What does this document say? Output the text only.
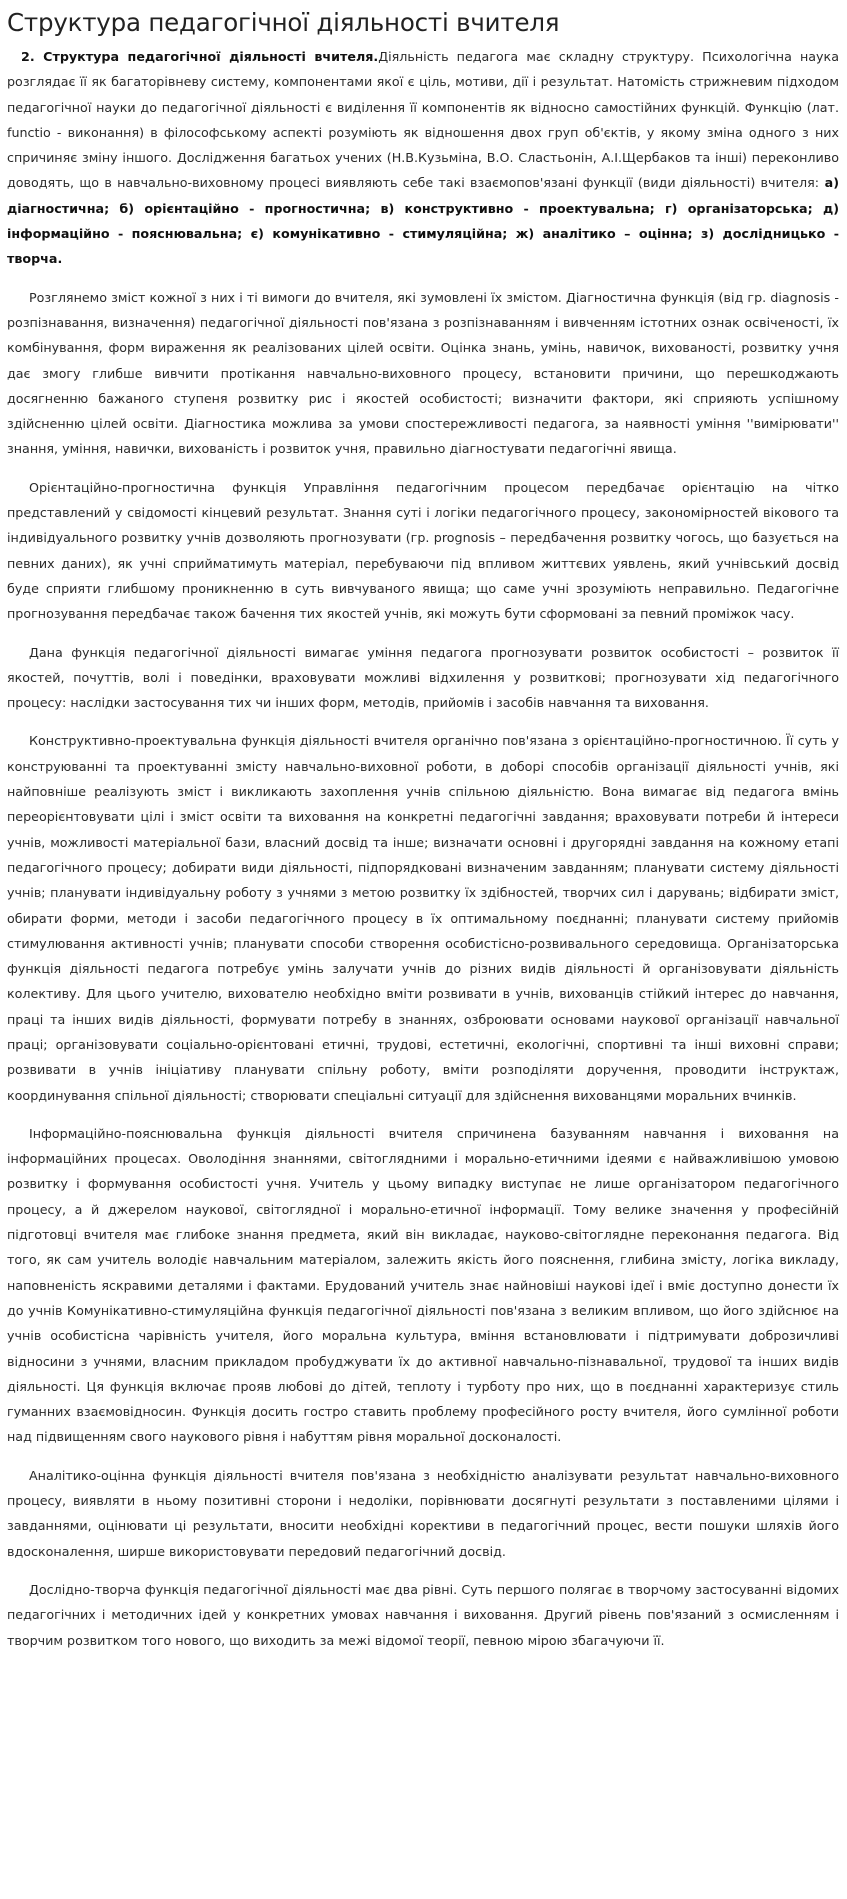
Структура педагогічної діяльності вчителя

2. Структура педагогічної діяльності вчителя.Діяльність педагога має складну структуру. Психологічна наука розглядає її як багаторівневу систему, компонентами якої є ціль, мотиви, дії і результат. Натомість стрижневим підходом педагогічної науки до педагогічної діяльності є виділення її компонентів як відносно самостійних функцій. Функцію (лат. functio - виконання) в філософському аспекті розуміють як відношення двох груп об'єктів, у якому зміна одного з них спричиняє зміну іншого. Дослідження багатьох учених (Н.В.Кузьміна, В.О. Сластьонін, А.І.Щербаков та інші) переконливо доводять, що в навчально-виховному процесі виявляють себе такі взаємопов'язані функції (види діяльності) вчителя: а) діагностична; б) орієнтаційно - прогностична; в) конструктивно - проектувальна; г) організаторська; д) інформаційно - пояснювальна; є) комунікативно - стимуляційна; ж) аналітико – оцінна; з) дослідницько - творча.

Розглянемо зміст кожної з них і ті вимоги до вчителя, які зумовлені їх змістом. Діагностична функція (від гр. diagnosis - розпізнавання, визначення) педагогічної діяльності пов'язана з розпізнаванням і вивченням істотних ознак освіченості, їх комбінування, форм вираження як реалізованих цілей освіти. Оцінка знань, умінь, навичок, вихованості, розвитку учня дає змогу глибше вивчити протікання навчально-виховного процесу, встановити причини, що перешкоджають досягненню бажаного ступеня розвитку рис і якостей особистості; визначити фактори, які сприяють успішному здійсненню цілей освіти. Діагностика можлива за умови спостережливості педагога, за наявності уміння ''вимірювати'' знання, уміння, навички, вихованість і розвиток учня, правильно діагностувати педагогічні явища.

Орієнтаційно-прогностична функція Управління педагогічним процесом передбачає орієнтацію на чітко представлений у свідомості кінцевий результат. Знання суті і логіки педагогічного процесу, закономірностей вікового та індивідуального розвитку учнів дозволяють прогнозувати (гр. prognosis – передбачення розвитку чогось, що базується на певних даних), як учні сприйматимуть матеріал, перебуваючи під впливом життєвих уявлень, який учнівський досвід буде сприяти глибшому проникненню в суть вивчуваного явища; що саме учні зрозуміють неправильно. Педагогічне прогнозування передбачає також бачення тих якостей учнів, які можуть бути сформовані за певний проміжок часу.

Дана функція педагогічної діяльності вимагає уміння педагога прогнозувати розвиток особистості – розвиток її якостей, почуттів, волі і поведінки, враховувати можливі відхилення у розвиткові; прогнозувати хід педагогічного процесу: наслідки застосування тих чи інших форм, методів, прийомів і засобів навчання та виховання.

Конструктивно-проектувальна функція діяльності вчителя органічно пов'язана з орієнтаційно-прогностичною. Її суть у конструюванні та проектуванні змісту навчально-виховної роботи, в доборі способів організації діяльності учнів, які найповніше реалізують зміст і викликають захоплення учнів спільною діяльністю. Вона вимагає від педагога вмінь переорієнтовувати цілі і зміст освіти та виховання на конкретні педагогічні завдання; враховувати потреби й інтереси учнів, можливості матеріальної бази, власний досвід та інше; визначати основні і другорядні завдання на кожному етапі педагогічного процесу; добирати види діяльності, підпорядковані визначеним завданням; планувати систему діяльності учнів; планувати індивідуальну роботу з учнями з метою розвитку їх здібностей, творчих сил і дарувань; відбирати зміст, обирати форми, методи і засоби педагогічного процесу в їх оптимальному поєднанні; планувати систему прийомів стимулювання активності учнів; планувати способи створення особистісно-розвивального середовища. Організаторська функція діяльності педагога потребує умінь залучати учнів до різних видів діяльності й організовувати діяльність колективу. Для цього учителю, вихователю необхідно вміти розвивати в учнів, вихованців стійкий інтерес до навчання, праці та інших видів діяльності, формувати потребу в знаннях, озброювати основами наукової організації навчальної праці; організовувати соціально-орієнтовані етичні, трудові, естетичні, екологічні, спортивні та інші виховні справи; розвивати в учнів ініціативу планувати спільну роботу, вміти розподіляти доручення, проводити інструктаж, координування спільної діяльності; створювати спеціальні ситуації для здійснення вихованцями моральних вчинків.

Інформаційно-пояснювальна функція діяльності вчителя спричинена базуванням навчання і виховання на інформаційних процесах. Оволодіння знаннями, світоглядними і морально-етичними ідеями є найважливішою умовою розвитку і формування особистості учня. Учитель у цьому випадку виступає не лише організатором педагогічного процесу, а й джерелом наукової, світоглядної і морально-етичної інформації. Тому велике значення у професійній підготовці вчителя має глибоке знання предмета, який він викладає, науково-світоглядне переконання педагога. Від того, як сам учитель володіє навчальним матеріалом, залежить якість його пояснення, глибина змісту, логіка викладу, наповненість яскравими деталями і фактами. Ерудований учитель знає найновіші наукові ідеї і вміє доступно донести їх до учнів Комунікативно-стимуляційна функція педагогічної діяльності пов'язана з великим впливом, що його здійснює на учнів особистісна чарівність учителя, його моральна культура, вміння встановлювати і підтримувати доброзичливі відносини з учнями, власним прикладом пробуджувати їх до активної навчально-пізнавальної, трудової та інших видів діяльності. Ця функція включає прояв любові до дітей, теплоту і турботу про них, що в поєднанні характеризує стиль гуманних взаємовідносин. Функція досить гостро ставить проблему професійного росту вчителя, його сумлінної роботи над підвищенням свого наукового рівня і набуттям рівня моральної досконалості.

Аналітико-оцінна функція діяльності вчителя пов'язана з необхідністю аналізувати результат навчально-виховного процесу, виявляти в ньому позитивні сторони і недоліки, порівнювати досягнуті результати з поставленими цілями і завданнями, оцінювати ці результати, вносити необхідні корективи в педагогічний процес, вести пошуки шляхів його вдосконалення, ширше використовувати передовий педагогічний досвід.

Дослідно-творча функція педагогічної діяльності має два рівні. Суть першого полягає в творчому застосуванні відомих педагогічних і методичних ідей у конкретних умовах навчання і виховання. Другий рівень пов'язаний з осмисленням і творчим розвитком того нового, що виходить за межі відомої теорії, певною мірою збагачуючи її.
